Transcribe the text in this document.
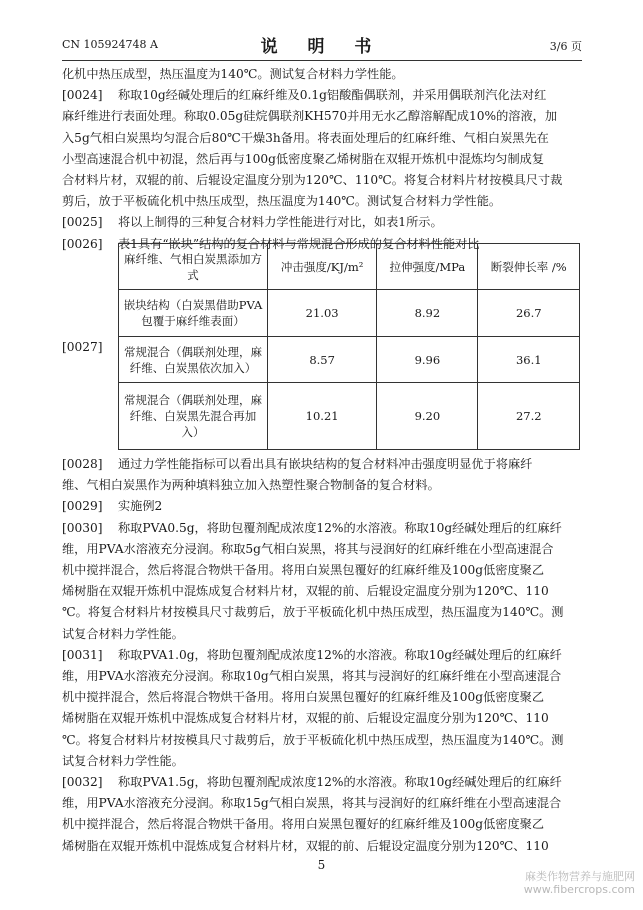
CN 105924748 A	说 明 书	3/6 页
化机中热压成型，热压温度为140℃。测试复合材料力学性能。
[0024] 称取10g经碱处理后的红麻纤维及0.1g铝酸酯偶联剂，并采用偶联剂汽化法对红
麻纤维进行表面处理。称取0.05g硅烷偶联剂KH570并用无水乙醇溶解配成10%的溶液，加
入5g气相白炭黑均匀混合后80℃干燥3h备用。将表面处理后的红麻纤维、气相白炭黑先在
小型高速混合机中初混，然后再与100g低密度聚乙烯树脂在双辊开炼机中混炼均匀制成复
合材料片材，双辊的前、后辊设定温度分别为120℃、110℃。将复合材料片材按模具尺寸裁
剪后，放于平板硫化机中热压成型，热压温度为140℃。测试复合材料力学性能。
[0025] 将以上制得的三种复合材料力学性能进行对比，如表1所示。
[0026] 表1具有“嵌块”结构的复合材料与常规混合形成的复合材料性能对比
[0027]
麻纤维、气相白炭黑添加方式	冲击强度/KJ/m²	拉伸强度/MPa	断裂伸长率 /%
嵌块结构（白炭黑借助PVA包覆于麻纤维表面）	21.03	8.92	26.7
常规混合（偶联剂处理，麻纤维、白炭黑依次加入）	8.57	9.96	36.1
常规混合（偶联剂处理，麻纤维、白炭黑先混合再加入）	10.21	9.20	27.2
[0028] 通过力学性能指标可以看出具有嵌块结构的复合材料冲击强度明显优于将麻纤
维、气相白炭黑作为两种填料独立加入热塑性聚合物制备的复合材料。
[0029] 实施例2
[0030] 称取PVA0.5g，将助包覆剂配成浓度12%的水溶液。称取10g经碱处理后的红麻纤
维，用PVA水溶液充分浸润。称取5g气相白炭黑，将其与浸润好的红麻纤维在小型高速混合
机中搅拌混合，然后将混合物烘干备用。将用白炭黑包覆好的红麻纤维及100g低密度聚乙
烯树脂在双辊开炼机中混炼成复合材料片材，双辊的前、后辊设定温度分别为120℃、110
℃。将复合材料片材按模具尺寸裁剪后，放于平板硫化机中热压成型，热压温度为140℃。测
试复合材料力学性能。
[0031] 称取PVA1.0g，将助包覆剂配成浓度12%的水溶液。称取10g经碱处理后的红麻纤
维，用PVA水溶液充分浸润。称取10g气相白炭黑，将其与浸润好的红麻纤维在小型高速混合
机中搅拌混合，然后将混合物烘干备用。将用白炭黑包覆好的红麻纤维及100g低密度聚乙
烯树脂在双辊开炼机中混炼成复合材料片材，双辊的前、后辊设定温度分别为120℃、110
℃。将复合材料片材按模具尺寸裁剪后，放于平板硫化机中热压成型，热压温度为140℃。测
试复合材料力学性能。
[0032] 称取PVA1.5g，将助包覆剂配成浓度12%的水溶液。称取10g经碱处理后的红麻纤
维，用PVA水溶液充分浸润。称取15g气相白炭黑，将其与浸润好的红麻纤维在小型高速混合
机中搅拌混合，然后将混合物烘干备用。将用白炭黑包覆好的红麻纤维及100g低密度聚乙
烯树脂在双辊开炼机中混炼成复合材料片材，双辊的前、后辊设定温度分别为120℃、110
5
麻类作物营养与施肥网
www.fibercrops.com
